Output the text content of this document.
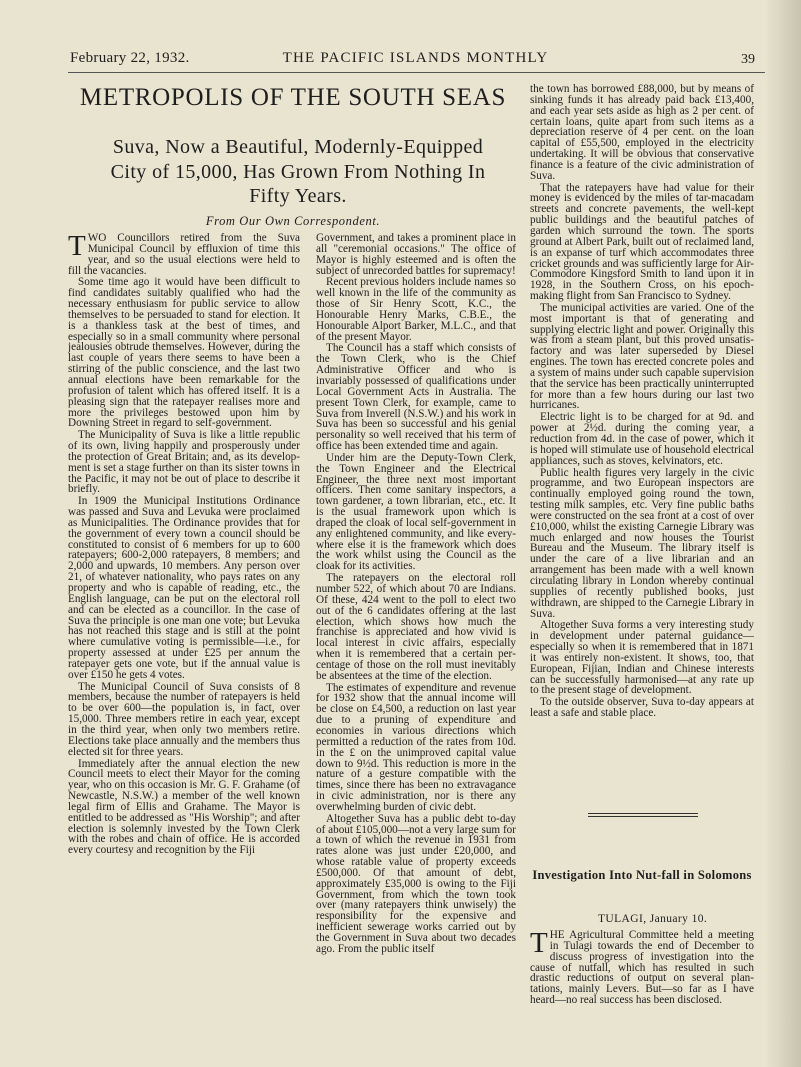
February 22, 1932.	THE PACIFIC ISLANDS MONTHLY	39
METROPOLIS OF THE SOUTH SEAS
Suva, Now a Beautiful, Modernly-Equipped City of 15,000, Has Grown From Nothing In Fifty Years.
From Our Own Correspondent.

TWO Councillors retired from the Suva Municipal Council by effluxion of time this year, and so the usual elections were held to fill the vacancies.

Some time ago it would have been difficult to find candidates suitably qualified who had the necessary enthusiasm for public service to allow themselves to be persuaded to stand for election. It is a thankless task at the best of times, and especially so in a small community where personal jealousies obtrude themselves. However, during the last couple of years there seems to have been a stirring of the public conscience, and the last two annual elections have been remarkable for the profusion of talent which has offered itself. It is a pleasing sign that the ratepayer realises more and more the privileges bestowed upon him by Downing Street in regard to self-government.

The Municipality of Suva is like a little republic of its own, living happily and prosperously under the protection of Great Britain; and, as its development is set a stage further on than its sister towns in the Pacific, it may not be out of place to describe it briefly.

In 1909 the Municipal Institutions Ordinance was passed and Suva and Levuka were proclaimed as Municipalities. The Ordinance provides that for the government of every town a council should be constituted to consist of 6 members for up to 600 ratepayers; 600-2,000 ratepayers, 8 members; and 2,000 and upwards, 10 members. Any person over 21, of whatever nationality, who pays rates on any property and who is capable of reading, etc., the English language, can be put on the electoral roll and can be elected as a councillor. In the case of Suva the principle is one man one vote; but Levuka has not reached this stage and is still at the point where cumulative voting is permissible—i.e., for property assessed at under £25 per annum the ratepayer gets one vote, but if the annual value is over £150 he gets 4 votes.

The Municipal Council of Suva consists of 8 members, because the number of ratepayers is held to be over 600—the population is, in fact, over 15,000. Three members retire in each year, except in the third year, when only two members retire. Elections take place annually and the members thus elected sit for three years.

Immediately after the annual election the new Council meets to elect their Mayor for the coming year, who on this occasion is Mr. G. F. Grahame (of Newcastle, N.S.W.) a member of the well known legal firm of Ellis and Grahame. The Mayor is entitled to be addressed as "His Worship"; and after election is solemnly invested by the Town Clerk with the robes and chain of office. He is accorded every courtesy and recognition by the Fiji

Government, and takes a prominent place in all "ceremonial occasions." The office of Mayor is highly esteemed and is often the subject of unrecorded battles for supremacy!

Recent previous holders include names so well known in the life of the community as those of Sir Henry Scott, K.C., the Honourable Henry Marks, C.B.E., the Honourable Alport Barker, M.L.C., and that of the present Mayor.

The Council has a staff which consists of the Town Clerk, who is the Chief Administrative Officer and who is invariably possessed of qualifications under Local Government Acts in Australia. The present Town Clerk, for example, came to Suva from Inverell (N.S.W.) and his work in Suva has been so successful and his genial personality so well received that his term of office has been extended time and again.

Under him are the Deputy-Town Clerk, the Town Engineer and the Electrical Engineer, the three next most important officers. Then come sanitary inspectors, a town gardener, a town librarian, etc., etc. It is the usual framework upon which is draped the cloak of local self-government in any enlightened community, and like everywhere else it is the framework which does the work whilst using the Council as the cloak for its activities.

The ratepayers on the electoral roll number 522, of which about 70 are Indians. Of these, 424 went to the poll to elect two out of the 6 candidates offering at the last election, which shows how much the franchise is appreciated and how vivid is local interest in civic affairs, especially when it is remembered that a certain percentage of those on the roll must inevitably be absentees at the time of the election.

The estimates of expenditure and revenue for 1932 show that the annual income will be close on £4,500, a reduction on last year due to a pruning of expenditure and economies in various directions which permitted a reduction of the rates from 10d. in the £ on the unimproved capital value down to 9½d. This reduction is more in the nature of a gesture compatible with the times, since there has been no extravagance in civic administration, nor is there any overwhelming burden of civic debt.

Altogether Suva has a public debt to-day of about £105,000—not a very large sum for a town of which the revenue in 1931 from rates alone was just under £20,000, and whose ratable value of property exceeds £500,000. Of that amount of debt, approximately £35,000 is owing to the Fiji Government, from which the town took over (many ratepayers think unwisely) the responsibility for the expensive and inefficient sewerage works carried out by the Government in Suva about two decades ago. From the public itself

the town has borrowed £88,000, but by means of sinking funds it has already paid back £13,400, and each year sets aside as high as 2 per cent. of certain loans, quite apart from such items as a depreciation reserve of 4 per cent. on the loan capital of £55,500, employed in the electricity undertaking. It will be obvious that conservative finance is a feature of the civic administration of Suva.

That the ratepayers have had value for their money is evidenced by the miles of tar-macadam streets and concrete pavements, the well-kept public buildings and the beautiful patches of garden which surround the town. The sports ground at Albert Park, built out of reclaimed land, is an expanse of turf which accommodates three cricket grounds and was sufficiently large for Air-Commodore Kingsford Smith to land upon it in 1928, in the Southern Cross, on his epoch-making flight from San Francisco to Sydney.

The municipal activities are varied. One of the most important is that of generating and supplying electric light and power. Originally this was from a steam plant, but this proved unsatisfactory and was later superseded by Diesel engines. The town has erected concrete poles and a system of mains under such capable supervision that the service has been practically uninterrupted for more than a few hours during our last two hurricanes.

Electric light is to be charged for at 9d. and power at 2½d. during the coming year, a reduction from 4d. in the case of power, which it is hoped will stimulate use of household electrical appliances, such as stoves, kelvinators, etc.

Public health figures very largely in the civic programme, and two European inspectors are continually employed going round the town, testing milk samples, etc. Very fine public baths were constructed on the sea front at a cost of over £10,000, whilst the existing Carnegie Library was much enlarged and now houses the Tourist Bureau and the Museum. The library itself is under the care of a live librarian and an arrangement has been made with a well known circulating library in London whereby continual supplies of recently published books, just withdrawn, are shipped to the Carnegie Library in Suva.

Altogether Suva forms a very interesting study in development under paternal guidance—especially so when it is remembered that in 1871 it was entirely non-existent. It shows, too, that European, Fijian, Indian and Chinese interests can be successfully harmonised—at any rate up to the present stage of development.

To the outside observer, Suva to-day appears at least a safe and stable place.

Investigation Into Nut-fall in Solomons
TULAGI, January 10.

THE Agricultural Committee held a meeting in Tulagi towards the end of December to discuss progress of investigation into the cause of nutfall, which has resulted in such drastic reductions of output on several plantations, mainly Levers. But—so far as I have heard—no real success has been disclosed.
